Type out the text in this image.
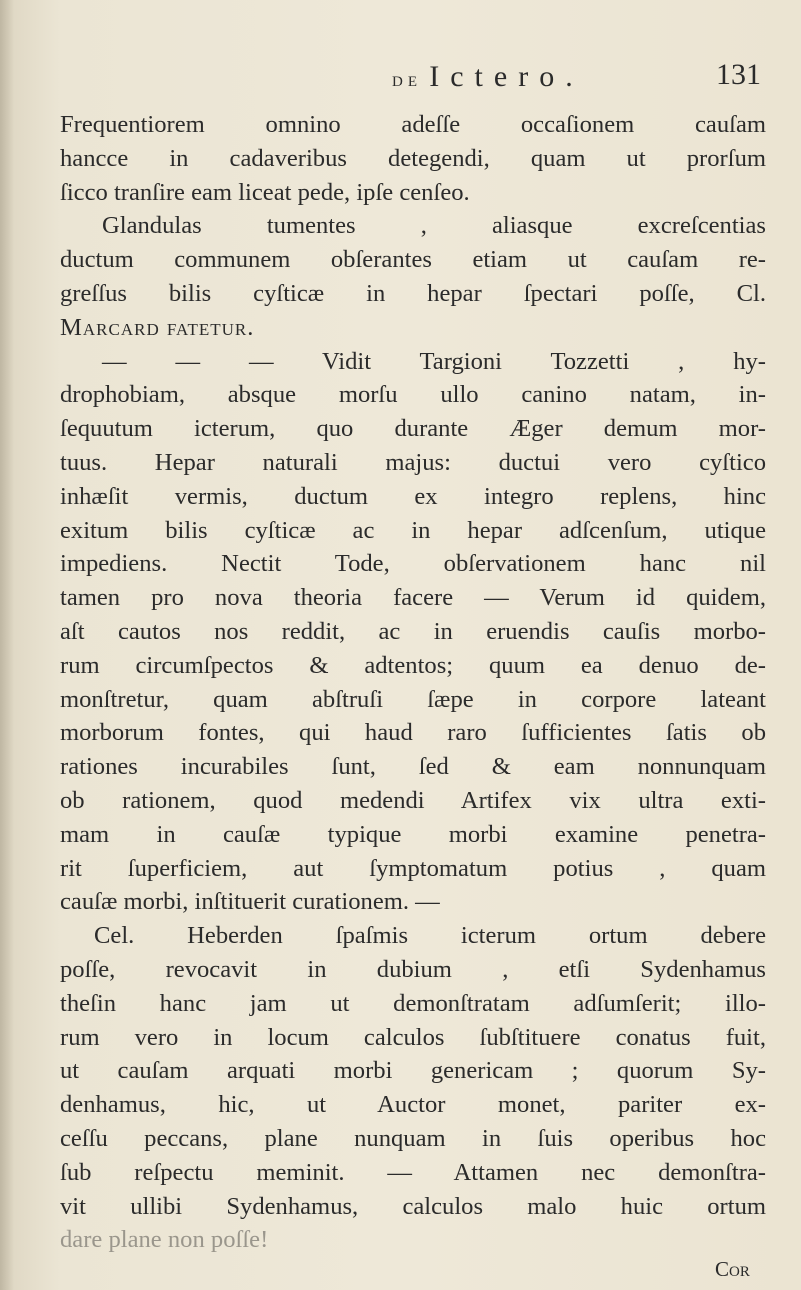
de Ictero.	131
Frequentiorem omnino adeſſe occaſionem cauſam
hancce in cadaveribus detegendi, quam ut prorſum
ſicco tranſire eam liceat pede, ipſe cenſeo.
Glandulas tumentes , aliasque excreſcentias
ductum communem obſerantes etiam ut cauſam re-
greſſus bilis cyſticæ in hepar ſpectari poſſe, Cl.
Marcard fatetur.
— — — Vidit Targioni Tozzetti , hy-
drophobiam, absque morſu ullo canino natam, in-
ſequutum icterum, quo durante Æger demum mor-
tuus. Hepar naturali majus: ductui vero cyſtico
inhæſit vermis, ductum ex integro replens, hinc
exitum bilis cyſticæ ac in hepar adſcenſum, utique
impediens. Nectit Tode, obſervationem hanc nil
tamen pro nova theoria facere — Verum id quidem,
aſt cautos nos reddit, ac in eruendis cauſis morbo-
rum circumſpectos & adtentos; quum ea denuo de-
monſtretur, quam abſtruſi ſæpe in corpore lateant
morborum fontes, qui haud raro ſufficientes ſatis ob
rationes incurabiles ſunt, ſed & eam nonnunquam
ob rationem, quod medendi Artifex vix ultra exti-
mam in cauſæ typique morbi examine penetra-
rit ſuperficiem, aut ſymptomatum potius , quam
cauſæ morbi, inſtituerit curationem. —
Cel. Heberden ſpaſmis icterum ortum debere
poſſe, revocavit in dubium , etſi Sydenhamus
theſin hanc jam ut demonſtratam adſumſerit; illo-
rum vero in locum calculos ſubſtituere conatus fuit,
ut cauſam arquati morbi genericam ; quorum Sy-
denhamus, hic, ut Auctor monet, pariter ex-
ceſſu peccans, plane nunquam in ſuis operibus hoc
ſub reſpectu meminit. — Attamen nec demonſtra-
vit ullibi Sydenhamus, calculos malo huic ortum
dare plane non poſſe!
Cor
